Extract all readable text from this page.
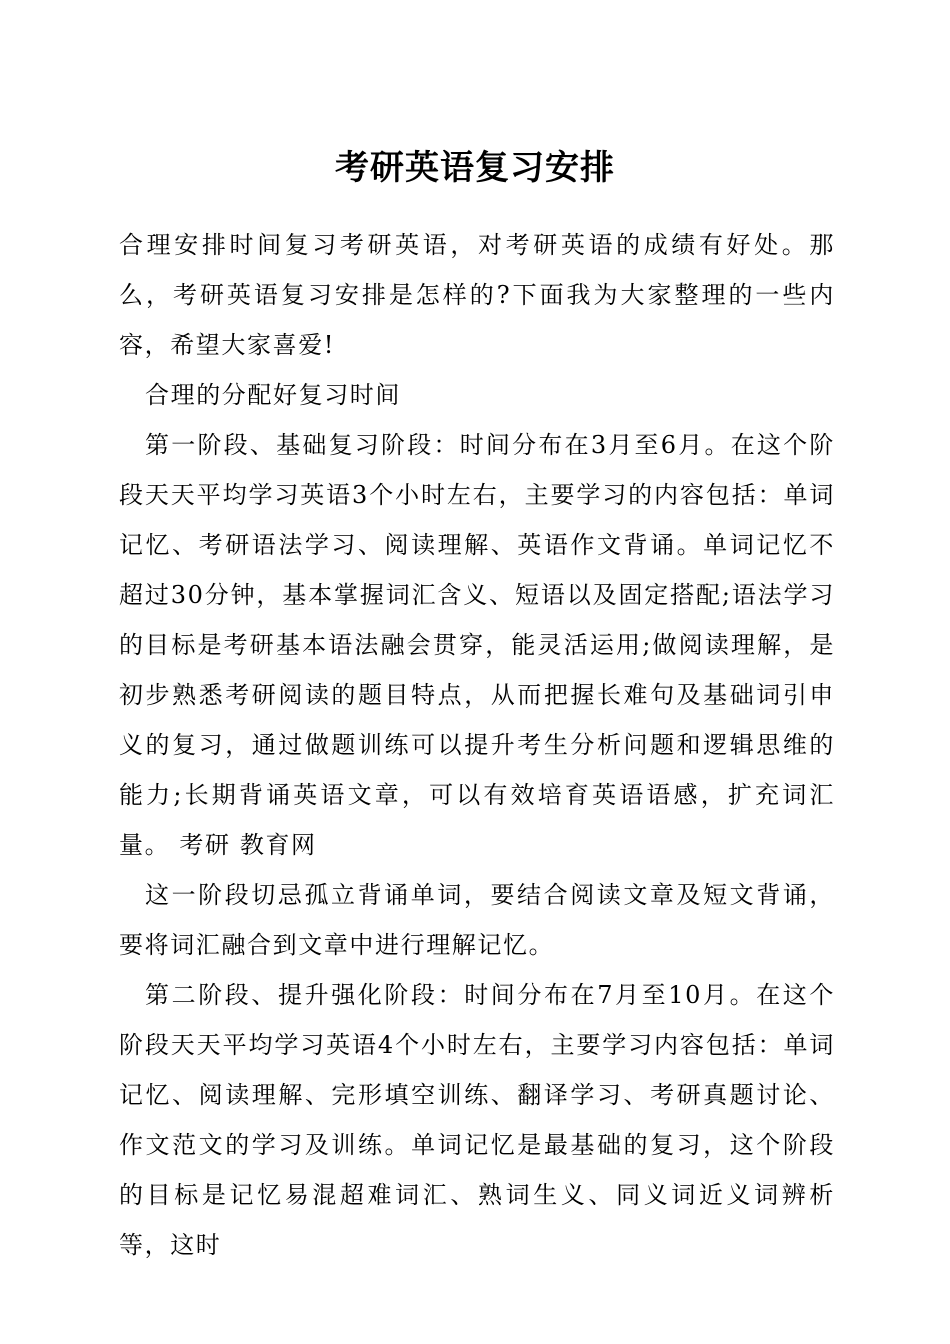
考研英语复习安排

合理安排时间复习考研英语，对考研英语的成绩有好处。那么，考研英语复习安排是怎样的?下面我为大家整理的一些内容，希望大家喜爱!

合理的分配好复习时间

第一阶段、基础复习阶段：时间分布在3月至6月。在这个阶段天天平均学习英语3个小时左右，主要学习的内容包括：单词记忆、考研语法学习、阅读理解、英语作文背诵。单词记忆不超过30分钟，基本掌握词汇含义、短语以及固定搭配;语法学习的目标是考研基本语法融会贯穿，能灵活运用;做阅读理解，是初步熟悉考研阅读的题目特点，从而把握长难句及基础词引申义的复习，通过做题训练可以提升考生分析问题和逻辑思维的能力;长期背诵英语文章，可以有效培育英语语感，扩充词汇量。 考研 教育网

这一阶段切忌孤立背诵单词，要结合阅读文章及短文背诵，要将词汇融合到文章中进行理解记忆。

第二阶段、提升强化阶段：时间分布在7月至10月。在这个阶段天天平均学习英语4个小时左右，主要学习内容包括：单词记忆、阅读理解、完形填空训练、翻译学习、考研真题讨论、作文范文的学习及训练。单词记忆是最基础的复习，这个阶段的目标是记忆易混超难词汇、熟词生义、同义词近义词辨析等，这时
